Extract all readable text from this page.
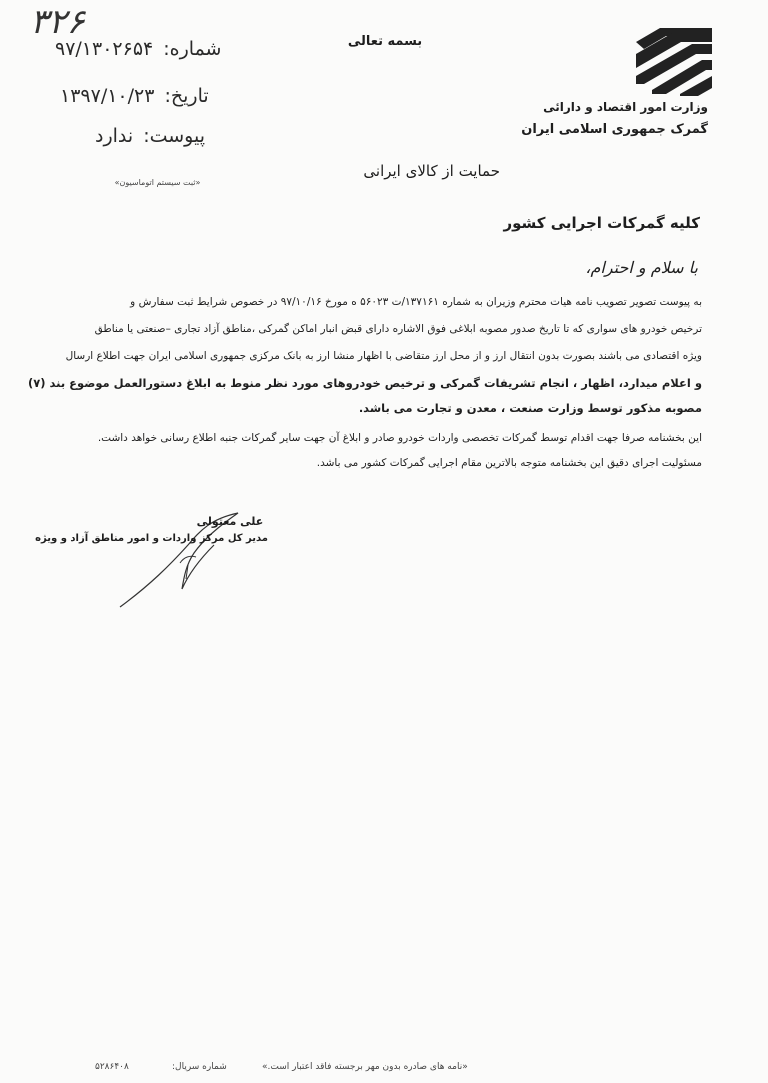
۳۲۶	بسمه تعالی
شماره:۹۷/۱۳۰۲۶۵۴
تاریخ:۱۳۹۷/۱۰/۲۳
پیوست:ندارد
«ثبت سیستم اتوماسیون»
وزارت امور اقتصاد و دارائی
گمرک جمهوری اسلامی ایران
حمایت از کالای ایرانی
کلیه گمرکات اجرایی کشور
با سلام و احترام،
به پیوست تصویر تصویب نامه هیات محترم وزیران به شماره ۱۳۷۱۶۱/ت ۵۶۰۲۳ ه مورخ ۹۷/۱۰/۱۶ در خصوص شرایط ثبت سفارش و
ترخیص خودرو های سواری که تا تاریخ صدور مصوبه ابلاغی فوق الاشاره دارای قبض انبار اماکن گمرکی ،مناطق آزاد تجاری –صنعتی یا مناطق
ویژه اقتصادی می باشند بصورت بدون انتقال ارز و از محل ارز متقاضی با اظهار منشا ارز به بانک مرکزی جمهوری اسلامی ایران جهت اطلاع ارسال
و اعلام میدارد، اظهار ، انجام تشریفات گمرکی و ترخیص خودروهای مورد نظر منوط به ابلاغ دستورالعمل موضوع بند (۷)
مصوبه مذکور توسط وزارت صنعت ، معدن و تجارت می باشد.
این بخشنامه صرفا جهت اقدام توسط گمرکات تخصصی واردات خودرو صادر و ابلاغ آن جهت سایر گمرکات جنبه اطلاع رسانی خواهد داشت.
مسئولیت اجرای دقیق این بخشنامه متوجه بالاترین مقام اجرایی گمرکات کشور می باشد.
علی معتولی
مدیر کل مرکز واردات و امور مناطق آزاد و ویژه
«نامه های صادره بدون مهر برجسته فاقد اعتبار است.»
شماره سریال:
۵۲۸۶۴۰۸
